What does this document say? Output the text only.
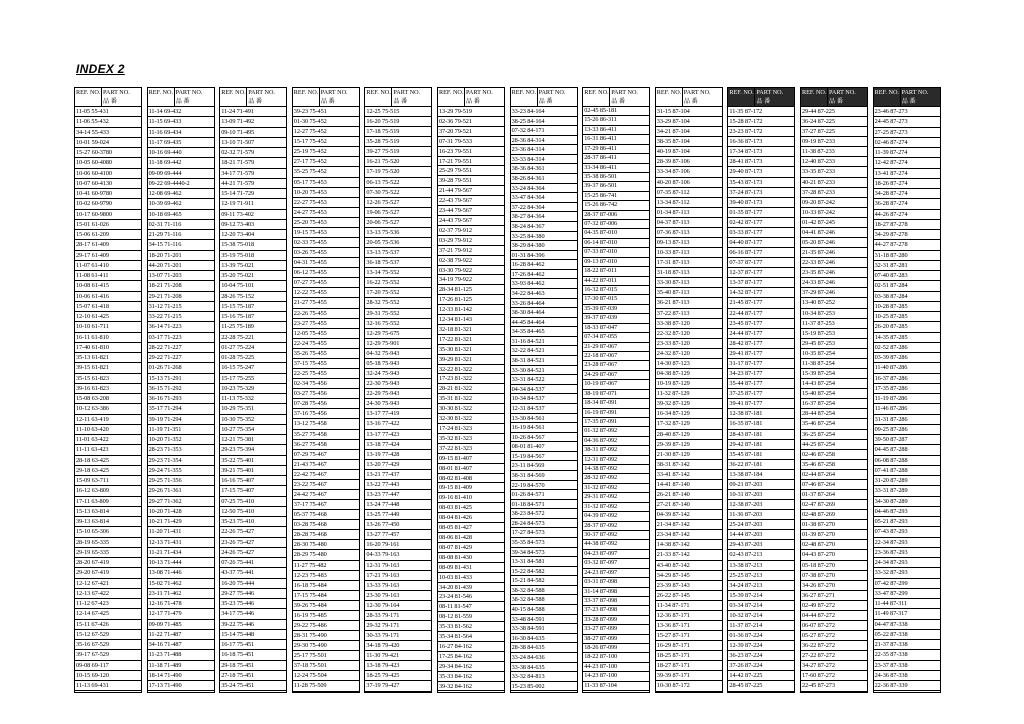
INDEX 2
REF. NO. PART NO.
品 番
11-05 55-431
11-06 55-432
34-14 55-433
10-01 59-024
15-27 60-3780
10-05 60-4080
10-06 60-4100
10-07 60-4130
10-41 60-9780
10-02 60-9790
10-17 60-9800
15-01 61-026
15-06 61-209
28-17 61-409
29-17 61-409
11-07 61-410
11-08 61-411
10-08 61-415
10-06 61-416
15-07 61-418
12-10 61-425
10-10 61-711
16-11 61-810
17-40 61-810
35-13 61-821
39-15 61-821
35-15 61-823
39-16 61-823
15-08 63-208
10-12 63-386
12-11 63-419
11-10 63-420
11-01 63-422
11-11 63-423
28-18 63-425
29-18 63-425
15-09 63-711
16-12 63-809
17-11 63-809
15-13 63-814
39-13 63-814
15-10 65-306
28-19 65-335
29-19 65-335
28-20 67-419
29-20 67-419
12-12 67-421
12-13 67-422
11-12 67-423
12-14 67-425
15-11 67-426
15-12 67-529
35-16 67-529
39-17 67-529
09-08 69-117
10-15 69-120
11-13 69-431
REF. NO. PART NO.
品 番
11-14 69-432
11-15 69-433
11-16 69-434
11-17 69-435
10-16 69-440
11-18 69-442
09-09 69-444
09-22 69-4440-2
12-08 69-462
10-39 69-462
10-18 69-465
02-31 71-116
21-29 71-116
34-15 71-116
18-20 71-201
44-20 71-201
13-07 71-203
18-21 71-208
29-21 71-208
31-12 71-215
33-22 71-215
36-14 71-223
03-17 71-223
28-22 71-227
29-22 71-227
01-26 71-268
15-13 71-291
36-15 71-292
36-16 71-293
35-17 71-294
39-19 71-294
11-19 71-351
10-20 71-352
28-23 71-353
29-23 71-354
29-24 71-355
29-25 71-356
29-26 71-361
29-27 71-362
10-20 71-428
10-21 71-429
11-20 71-431
12-13 71-431
11-21 71-434
10-13 71-444
13-08 71-446
15-02 71-462
23-11 71-462
12-16 71-478
12-17 71-479
09-09 71-485
11-22 71-487
34-16 71-487
11-23 71-488
11-18 71-489
18-14 71-490
17-13 71-490
REF. NO. PART NO.
品 番
11-24 71-491
13-09 71-492
09-10 71-495
13-10 71-507
02-32 71-579
18-21 71-579
34-17 71-579
44-21 71-579
15-14 71-729
12-19 71-911
09-11 73-402
09-12 73-403
12-20 73-404
15-38 75-018
35-19 75-018
13-39 75-021
35-20 75-021
10-04 75-101
28-26 75-152
15-15 75-187
15-16 75-187
11-25 75-189
22-28 75-221
01-27 75-224
01-28 75-225
16-15 75-247
15-17 75-255
10-23 75-329
11-13 75-332
10-29 75-351
10-30 75-352
10-27 75-354
12-21 75-381
29-23 75-394
35-22 75-401
39-21 75-401
16-16 75-407
17-15 75-407
07-25 75-410
12-50 75-410
35-23 75-410
22-26 75-427
23-26 75-427
24-26 75-427
07-26 75-441
43-37 75-441
16-20 75-444
29-27 75-446
35-23 75-446
34-17 75-446
39-22 75-446
15-14 75-448
16-17 75-451
16-18 75-451
29-18 75-451
27-18 75-451
35-24 75-451
REF. NO. PART NO.
品 番
39-23 75-451
01-30 75-452
12-27 75-452
15-17 75-452
25-19 75-452
27-17 75-452
35-25 75-452
05-17 75-453
10-20 75-453
22-27 75-453
24-27 75-453
25-20 75-453
19-15 75-453
02-33 75-455
03-26 75-455
04-31 75-455
06-12 75-455
07-27 75-455
12-22 75-455
21-27 75-455
22-26 75-455
23-27 75-455
12-05 75-455
22-24 75-455
35-26 75-455
37-15 75-455
22-25 75-455
02-34 75-456
03-27 75-456
07-28 75-456
37-16 75-456
13-12 75-458
35-27 75-458
36-27 75-458
07-29 75-467
21-43 75-467
22-42 75-467
23-22 75-467
24-42 75-467
37-17 75-467
05-37 75-468
03-28 75-468
28-28 75-468
28-30 75-480
28-29 75-480
11-27 75-482
12-23 75-483
16-18 75-484
17-15 75-484
39-26 75-484
16-19 75-485
29-22 75-486
28-31 75-490
29-30 75-490
25-17 75-501
37-18 75-501
12-24 75-504
11-28 75-509
REF. NO. PART NO.
品 番
12-25 75-515
16-20 75-519
17-18 75-519
35-28 75-519
39-27 75-519
16-21 75-520
17-19 75-520
06-13 75-522
07-30 75-522
12-26 75-527
19-06 75-527
20-06 75-527
13-13 75-536
20-05 75-536
13-13 75-537
36-18 75-537
13-14 75-552
16-22 75-552
17-20 75-552
28-32 75-552
29-31 75-552
32-16 75-552
12-29 75-675
12-29 75-901
04-32 75-943
05-18 75-943
32-24 75-943
22-30 75-943
22-29 75-943
24-30 75-943
13-17 77-419
13-16 77-422
13-17 77-423
13-18 77-424
13-19 77-428
13-20 77-429
13-21 77-437
13-22 77-443
13-23 77-447
13-24 77-448
13-25 77-449
13-26 77-450
13-27 77-457
16-20 79-161
04-33 79-163
12-31 79-163
17-21 79-163
13-33 79-163
23-30 79-163
12-30 79-164
28-33 79-171
29-32 79-171
30-33 79-171
34-18 79-420
11-30 79-421
13-18 79-423
18-25 79-425
37-19 79-427
REF. NO. PART NO.
品 番
13-29 79-519
02-36 79-521
37-20 79-521
07-31 79-533
16-23 79-551
17-21 79-551
25-29 79-551
39-28 79-551
21-44 79-567
22-43 79-567
23-44 79-567
24-43 79-567
02-37 79-912
03-29 79-912
37-21 79-912
02-38 79-922
03-30 79-922
34-19 79-922
28-34 81-125
17-26 81-125
12-33 81-142
12-34 81-143
32-18 81-321
17-22 81-321
35-30 81-321
39-29 81-321
32-22 81-322
17-23 81-322
28-21 81-322
35-31 81-322
30-30 81-322
32-30 81-322
17-24 81-323
35-32 81-323
37-22 81-323
09-15 81-407
08-01 81-407
08-02 81-408
09-15 81-409
09-16 81-410
08-03 81-425
08-04 81-426
08-05 81-427
08-06 81-428
08-07 81-429
08-08 81-430
08-09 81-431
10-03 81-433
34-20 81-439
23-24 81-546
08-11 81-547
08-12 81-559
35-33 81-562
35-34 81-564
16-27 84-162
17-25 84-162
29-34 84-162
35-33 84-162
39-32 84-162
REF. NO. PART NO.
品 番
33-23 84-164
38-25 84-164
07-32 84-171
28-36 84-314
23-36 84-314
33-33 84-314
38-36 84-361
38-26 84-361
33-24 84-364
33-47 84-364
37-22 84-364
38-27 84-364
38-24 84-367
33-25 84-380
38-29 84-380
01-31 84-396
16-28 84-462
17-26 84-462
33-93 84-462
34-22 84-463
33-26 84-464
38-30 84-464
44-45 84-464
34-35 84-465
31-16 84-521
32-22 84-521
38-31 84-521
33-30 84-521
33-31 84-522
04-34 84-537
10-34 84-537
12-31 84-537
13-30 84-561
16-19 84-561
10-26 84-567
08-01 81-407
15-19 84-567
23-11 84-569
38-31 84-569
22-19 84-570
01-26 84-571
01-18 84-571
38-23 84-572
28-24 84-573
17-27 84-573
35-35 84-573
39-34 84-573
13-31 84-581
15-22 84-582
15-21 84-582
38-32 84-588
38-32 84-588
40-15 84-588
33-48 84-591
33-38 84-591
16-30 84-635
28-38 84-635
33-24 84-636
33-38 84-635
33-32 84-813
15-23 85-002
REF. NO. PART NO.
品 番
02-45 85-181
15-26 86-311
13-33 86-411
16-31 86-411
17-29 86-411
28-37 86-411
33-34 86-411
35-38 86-501
39-37 86-501
15-25 86-741
15-26 86-742
28-37 87-006
07-32 87-006
04-35 87-010
06-14 87-010
07-33 87-010
09-13 87-010
18-22 87-011
44-22 87-011
16-32 87-015
17-30 87-015
35-39 87-039
39-37 87-039
18-33 87-047
07-34 87-055
21-29 87-067
22-18 87-067
23-28 87-067
24-29 87-067
10-19 87-067
38-19 87-071
18-34 87-091
16-19 87-091
17-35 87-091
01-32 87-092
04-36 87-092
38-31 87-092
12-31 87-092
14-38 87-092
28-32 87-092
31-32 87-092
29-31 87-092
31-32 87-092
04-39 87-092
28-37 87-092
30-37 87-092
44-38 87-092
04-23 87-097
03-32 87-097
24-23 87-097
03-31 87-098
31-14 87-098
33-37 87-098
37-23 87-098
33-28 87-099
33-27 87-099
38-27 87-099
18-26 87-099
18-22 87-100
44-23 87-100
14-23 87-100
11-33 87-104
REF. NO. PART NO.
品 番
31-15 87-104
33-29 87-104
34-21 87-104
38-35 87-104
40-19 87-104
28-39 87-106
33-34 87-106
40-20 87-106
07-35 87-112
13-34 87-112
01-34 87-113
04-37 87-113
07-36 87-113
09-13 87-113
10-33 87-113
17-31 87-113
31-18 87-113
33-30 87-113
35-40 87-113
36-21 87-113
37-22 87-113
33-38 87-120
22-32 87-120
23-33 87-120
24-32 87-120
14-30 87-123
04-38 87-129
10-19 87-129
11-32 87-129
39-32 87-129
16-34 87-129
17-32 87-129
28-40 87-129
29-39 87-129
21-30 87-129
38-31 87-142
33-41 87-142
14-41 87-140
26-21 87-140
27-21 87-140
04-39 87-142
21-34 87-142
23-34 87-142
14-38 87-142
21-33 87-142
43-40 87-142
34-29 87-145
23-39 87-143
26-22 87-145
11-34 87-171
12-36 87-171
13-36 87-171
15-27 87-171
16-29 87-171
18-25 87-171
18-27 87-171
39-39 87-171
10-30 87-172
REF. NO. PART NO.
品 番
11-35 87-172
15-28 87-172
23-23 87-172
16-36 87-173
17-34 87-173
28-41 87-173
29-40 87-173
35-43 87-173
37-24 87-173
39-40 87-173
01-35 87-177
02-42 87-177
03-33 87-177
04-40 87-177
06-16 87-177
07-37 87-177
12-37 87-177
13-37 87-177
14-32 87-177
21-45 87-177
22-44 87-177
23-45 87-177
24-44 87-177
28-42 87-177
29-41 87-177
31-17 87-177
34-23 87-177
35-44 87-177
37-25 87-177
39-41 87-177
12-38 87-181
16-35 87-181
28-43 87-181
29-42 87-181
35-45 87-181
36-22 87-181
13-38 87-184
09-21 87-203
10-31 87-203
12-38 87-203
11-36 87-203
25-24 87-203
14-44 87-203
29-43 87-203
02-43 87-213
13-38 87-213
25-25 87-213
34-24 87-213
15-39 87-214
03-34 87-214
10-32 87-214
11-37 87-214
01-36 87-224
12-39 87-224
36-23 87-224
37-26 87-224
14-42 87-225
28-45 87-225
REF. NO. PART NO.
品 番
29-44 87-225
36-24 87-225
37-27 87-225
09-19 87-233
11-38 87-233
12-40 87-233
33-35 87-233
40-21 87-233
37-28 87-233
09-20 87-242
10-33 87-242
01-42 87-245
04-41 87-246
05-20 87-246
21-35 87-246
22-33 87-246
23-35 87-246
24-33 87-246
37-29 87-246
13-40 87-252
10-34 87-253
11-37 87-253
15-19 87-253
29-45 87-253
10-35 87-254
11-38 87-254
15-39 87-254
14-43 87-254
15-40 87-254
16-37 87-254
28-44 87-254
35-46 87-254
36-25 87-254
44-25 87-254
02-46 87-258
35-46 87-258
02-44 87-264
07-46 87-264
01-37 87-264
02-47 87-269
02-48 87-269
01-38 87-270
01-39 87-270
02-48 87-270
04-43 87-270
05-18 87-270
07-38 87-270
34-26 87-270
36-27 87-271
02-49 87-272
04-44 87-272
06-07 87-272
05-27 87-272
36-22 87-272
27-22 87-272
34-27 87-272
17-60 87-272
22-45 87-273
REF. NO. PART NO.
品 番
23-46 87-273
24-45 87-273
27-25 87-273
02-46 87-274
11-39 87-274
12-42 87-274
13-41 87-274
18-26 87-274
34-28 87-274
36-28 87-274
44-26 87-274
18-27 87-278
34-29 87-278
44-27 87-278
31-18 87-280
32-31 87-281
07-40 87-283
02-51 87-284
03-38 87-284
10-28 87-285
10-25 87-285
26-20 87-285
14-35 87-285
02-52 87-286
03-39 87-286
11-40 87-286
16-37 87-286
17-35 87-286
11-19 87-286
11-46 87-286
31-31 87-286
09-25 87-286
39-50 87-287
04-45 87-288
06-08 87-288
07-41 87-288
31-20 87-289
33-31 87-289
34-30 87-289
04-46 87-293
05-21 87-293
07-43 87-293
22-34 87-293
23-36 87-293
24-34 87-293
33-32 87-293
07-42 87-299
33-47 87-299
11-44 87-311
11-49 87-317
04-47 87-338
05-22 87-338
21-37 87-338
22-35 87-338
23-37 87-338
24-36 87-338
22-36 87-339
